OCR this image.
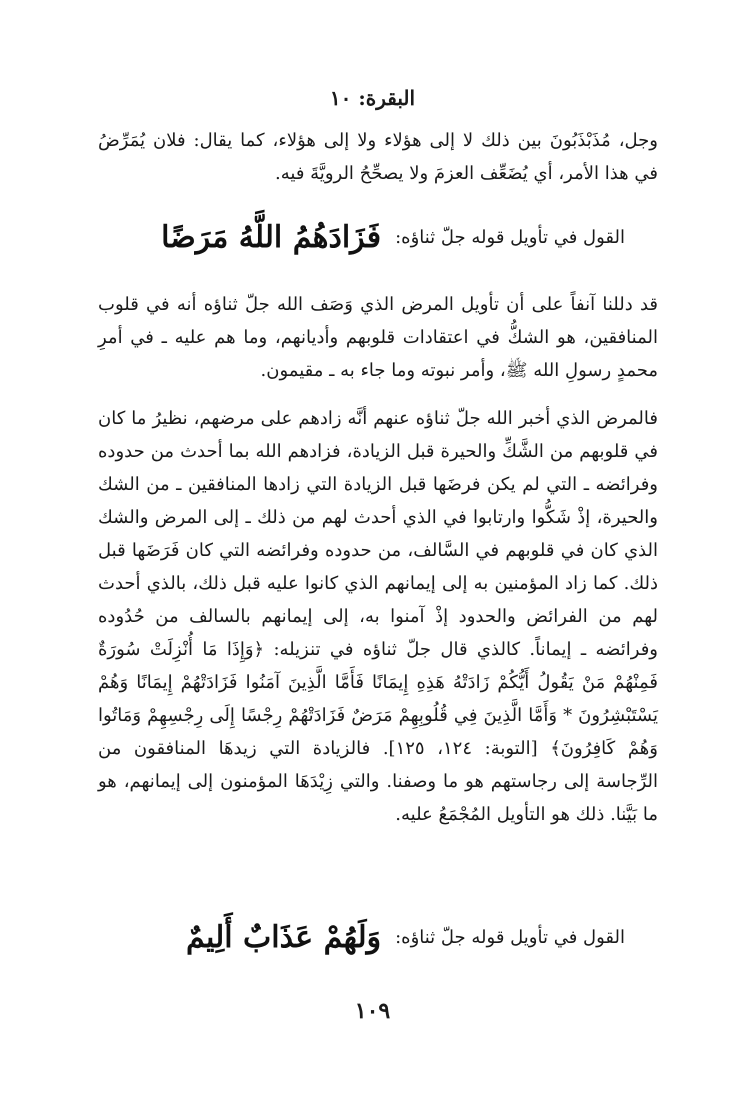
البقرة: ١٠
وجل، مُذَبْذَبُونَ بين ذلك لا إلى هؤلاء ولا إلى هؤلاء، كما يقال: فلان يُمَرِّضُ في هذا الأمر، أي يُضَعِّف العزمَ ولا يصحِّحُ الرويَّةَ فيه.
القول في تأويل قوله جلّ ثناؤه:
فَزَادَهُمُ اللَّهُ مَرَضًا
قد دللنا آنفاً على أن تأويل المرض الذي وَصَف الله جلّ ثناؤه أنه في قلوب المنافقين، هو الشكُّ في اعتقادات قلوبهم وأديانهم، وما هم عليه ـ في أمرِ محمدٍ رسولِ الله ﷺ، وأمر نبوته وما جاء به ـ مقيمون.
فالمرض الذي أخبر الله جلّ ثناؤه عنهم أنَّه زادهم على مرضهم، نظيرُ ما كان في قلوبهم من الشَّكِّ والحيرة قبل الزيادة، فزادهم الله بما أحدث من حدوده وفرائضه ـ التي لم يكن فرضَها قبل الزيادة التي زادها المنافقين ـ من الشك والحيرة، إذْ شَكُّوا وارتابوا في الذي أحدث لهم من ذلك ـ إلى المرض والشك الذي كان في قلوبهم في السَّالف، من حدوده وفرائضه التي كان فَرَضَها قبل ذلك. كما زاد المؤمنين به إلى إيمانهم الذي كانوا عليه قبل ذلك، بالذي أحدث لهم من الفرائض والحدود إذْ آمنوا به، إلى إيمانهم بالسالف من حُدُوده وفرائضه ـ إيماناً. كالذي قال جلّ ثناؤه في تنزيله: ﴿وَإِذَا مَا أُنْزِلَتْ سُورَةٌ فَمِنْهُمْ مَنْ يَقُولُ أَيُّكُمْ زَادَتْهُ هَذِهِ إِيمَانًا فَأَمَّا الَّذِينَ آمَنُوا فَزَادَتْهُمْ إِيمَانًا وَهُمْ يَسْتَبْشِرُونَ * وَأَمَّا الَّذِينَ فِي قُلُوبِهِمْ مَرَضٌ فَزَادَتْهُمْ رِجْسًا إِلَى رِجْسِهِمْ وَمَاتُوا وَهُمْ كَافِرُونَ﴾ [التوبة: ١٢٤، ١٢٥]. فالزيادة التي زيدهَا المنافقون من الرِّجاسة إلى رجاستهم هو ما وصفنا. والتي زِيْدَهَا المؤمنون إلى إيمانهم، هو ما بَيَّنا. ذلك هو التأويل المُجْمَعُ عليه.
القول في تأويل قوله جلّ ثناؤه:
وَلَهُمْ عَذَابٌ أَلِيمٌ
١٠٩
